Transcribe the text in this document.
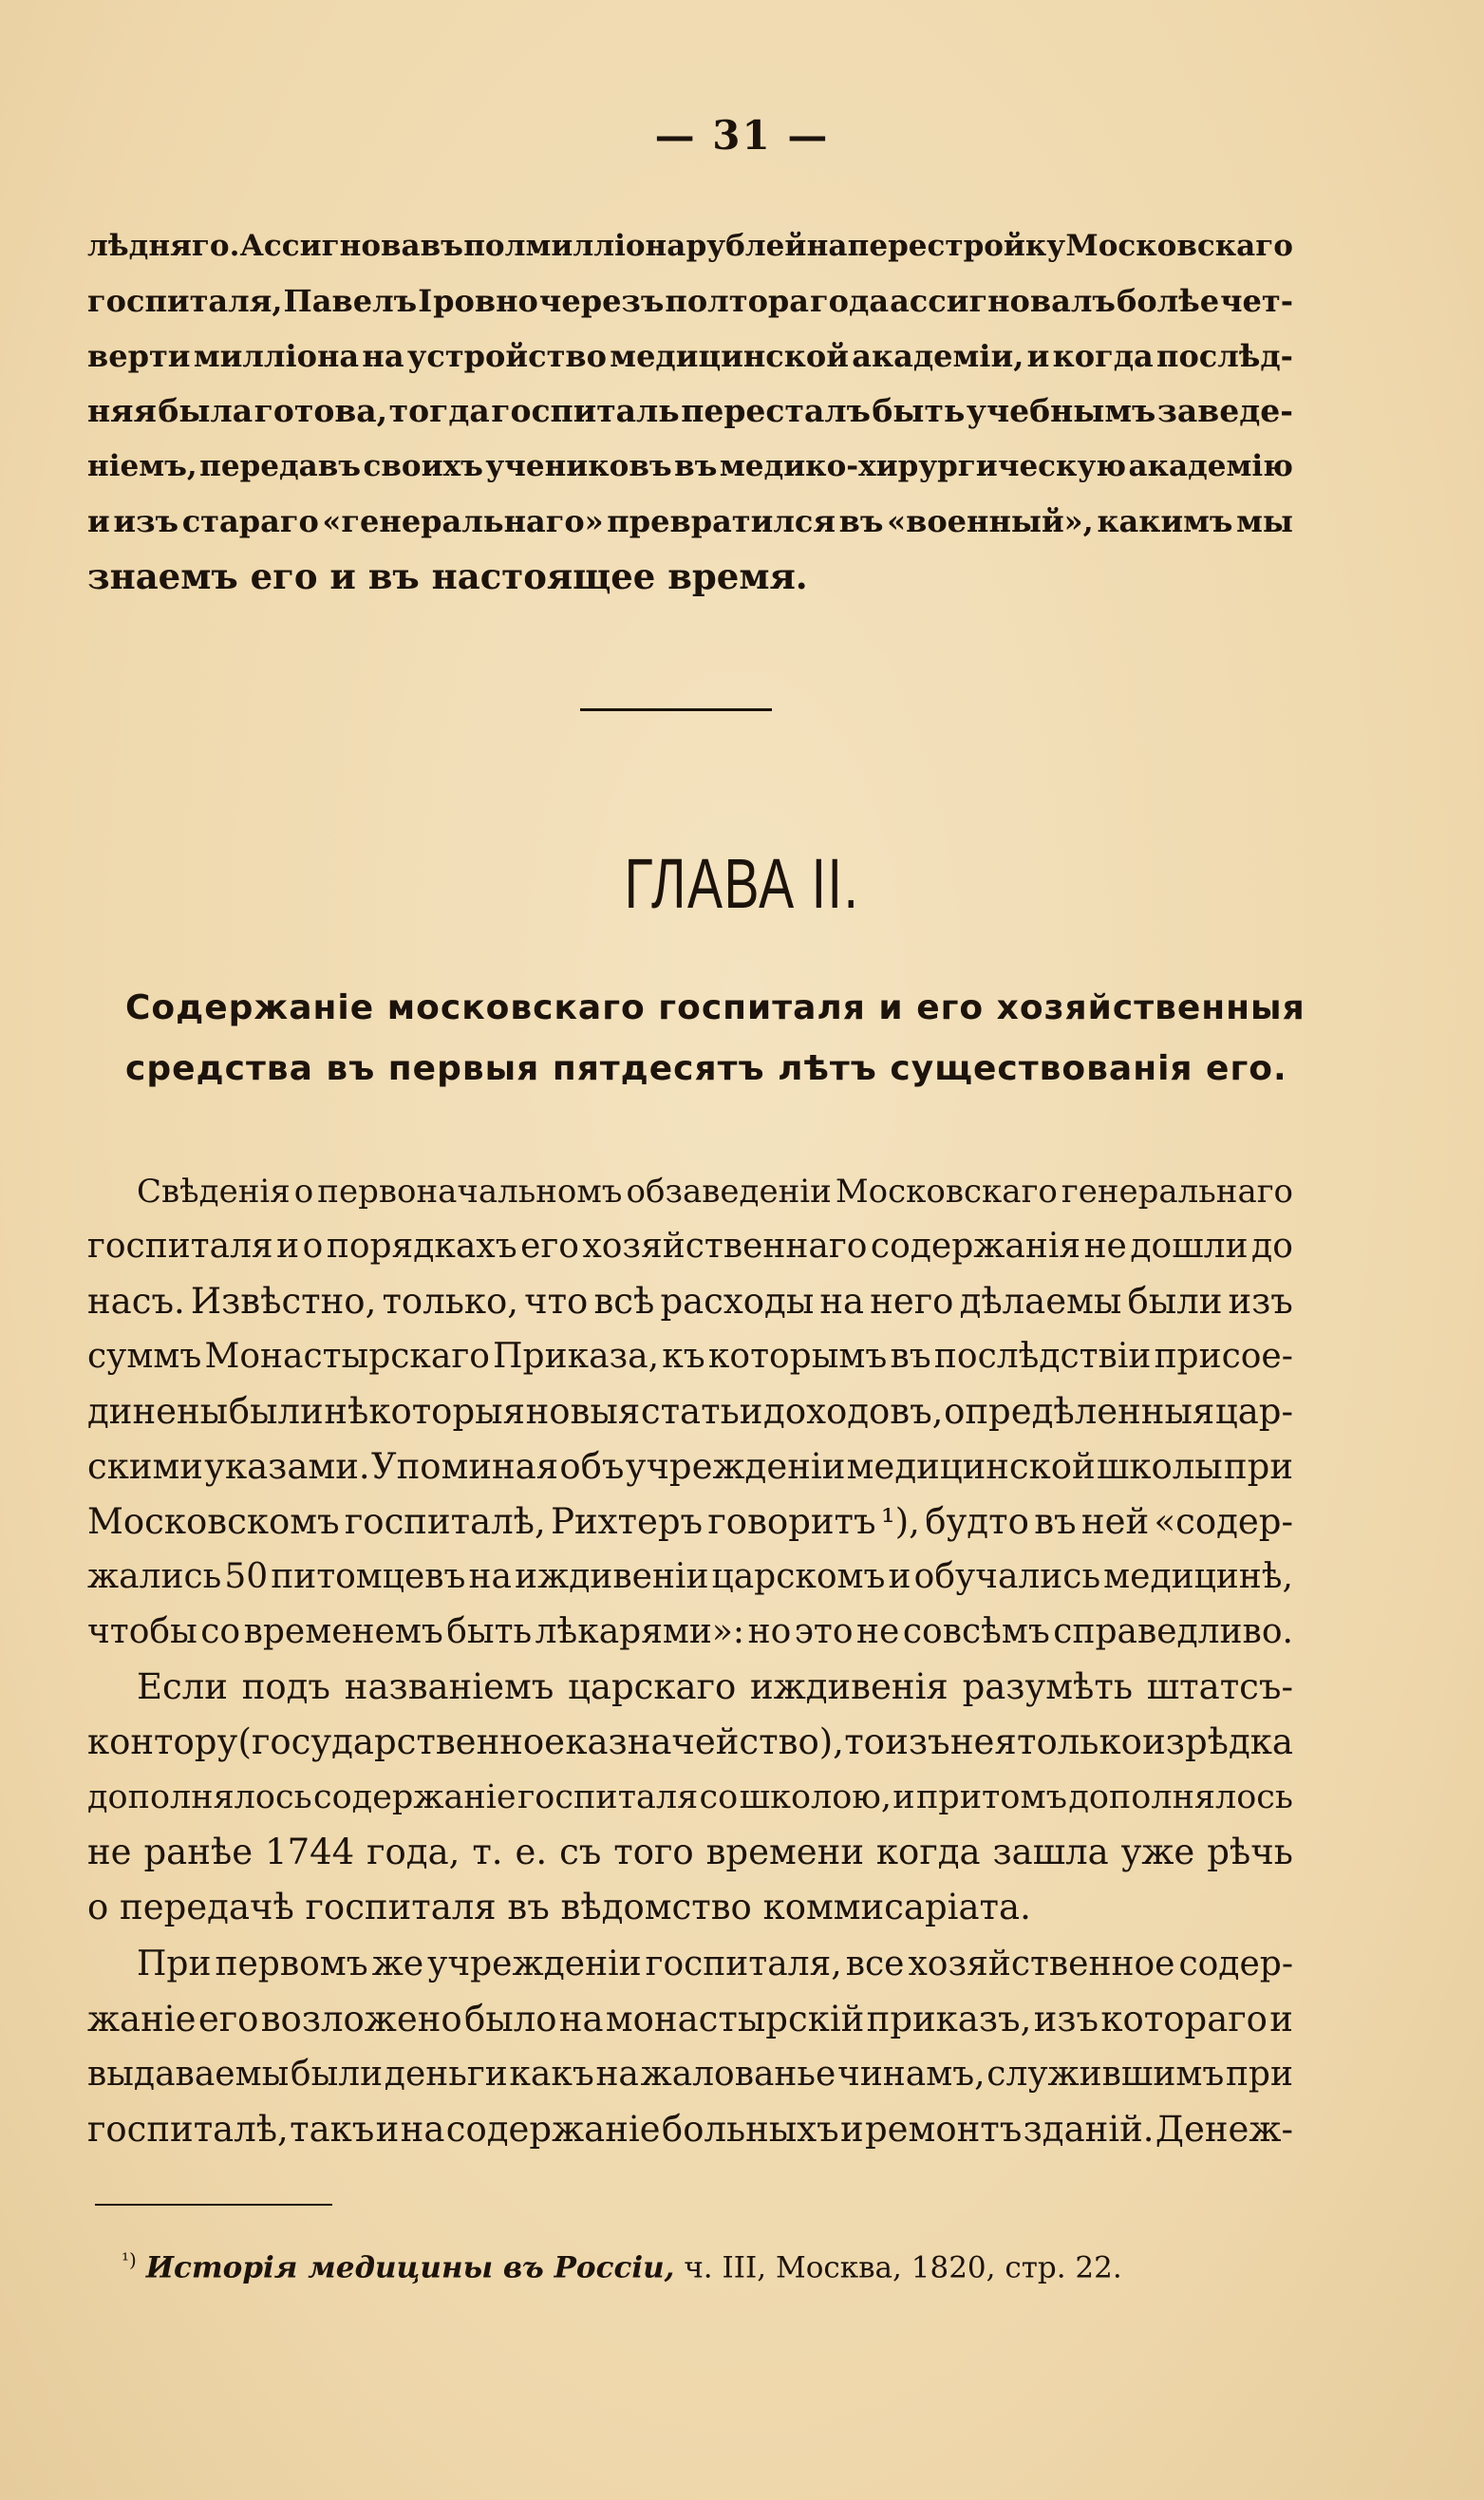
— 31 —
лѣдняго. Ассигновавъ полмилліона рублей на перестройку Московскаго
госпиталя, Павелъ I ровно черезъ полтора года ассигновалъ болѣе чет-
верти милліона на устройство медицинской академіи, и когда послѣд-
няя была готова, тогда госпиталь пересталъ быть учебнымъ заведе-
ніемъ, передавъ своихъ учениковъ въ медико-хирургическую академію
и изъ стараго «генеральнаго» превратился въ «военный», какимъ мы
знаемъ его и въ настоящее время.
ГЛАВА II.
Содержаніе московскаго госпиталя и его хозяйственныя
средства въ первыя пятдесятъ лѣтъ существованія его.
Свѣденія о первоначальномъ обзаведеніи Московскаго генеральнаго
госпиталя и о порядкахъ его хозяйственнаго содержанія не дошли до
насъ. Извѣстно, только, что всѣ расходы на него дѣлаемы были изъ
суммъ Монастырскаго Приказа, къ которымъ въ послѣдствіи присое-
динены были нѣкоторыя новыя статьи доходовъ, опредѣленныя цар-
скими указами. Упоминая объ учрежденіи медицинской школы при
Московскомъ госпиталѣ, Рихтеръ говоритъ ¹), будто въ ней «содер-
жались 50 питомцевъ на иждивеніи царскомъ и обучались медицинѣ,
чтобы со временемъ быть лѣкарями»: но это не совсѣмъ справедливо.
Если подъ названіемъ царскаго иждивенія разумѣть штатсъ-
контору (государственное казначейство), то изъ нея только изрѣдка
дополнялось содержаніе госпиталя со школою, и притомъ дополнялось
не ранѣе 1744 года, т. е. съ того времени когда зашла уже рѣчь
о передачѣ госпиталя въ вѣдомство коммисаріата.
При первомъ же учрежденіи госпиталя, все хозяйственное содер-
жаніе его возложено было на монастырскій приказъ, изъ котораго и
выдаваемы были деньги какъ на жалованье чинамъ, служившимъ при
госпиталѣ, такъ и на содержаніе больныхъ и ремонтъ зданій. Денеж-
$^{^1)}$ Исторія медицины въ Россіи, ч. III, Москва, 1820, стр. 22.
